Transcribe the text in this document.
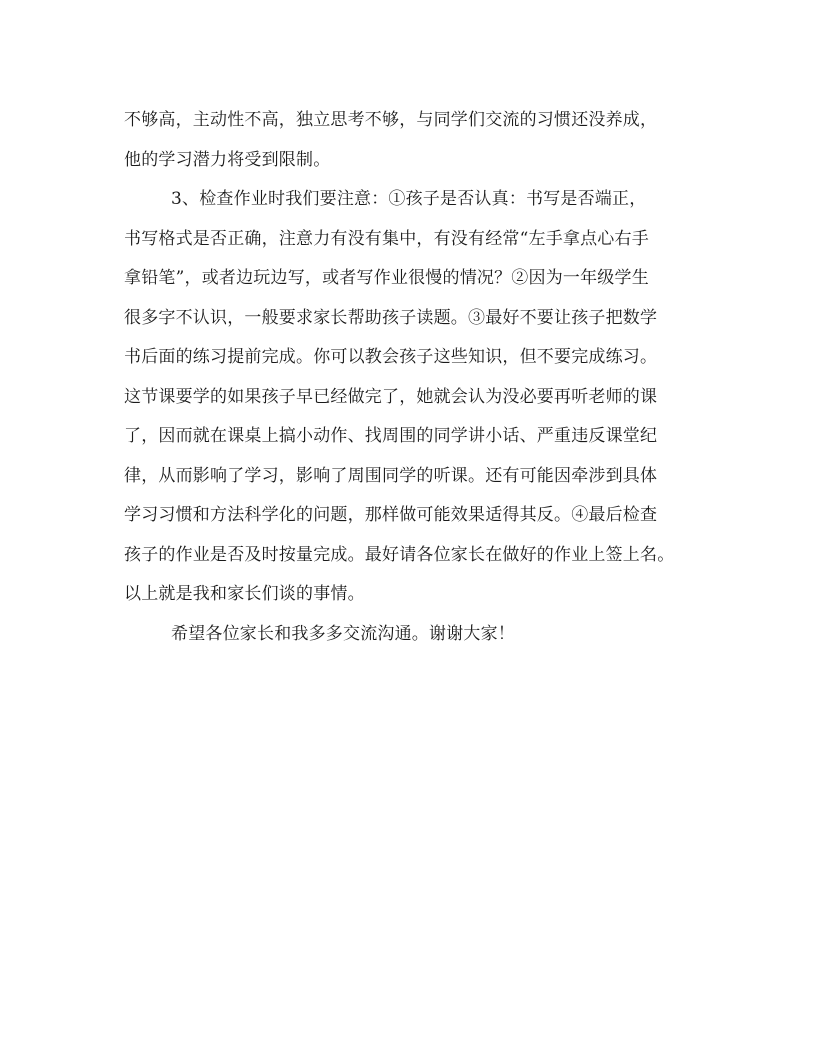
不够高，主动性不高，独立思考不够，与同学们交流的习惯还没养成，
他的学习潜力将受到限制。
3、检查作业时我们要注意：①孩子是否认真：书写是否端正，
书写格式是否正确，注意力有没有集中，有没有经常“左手拿点心右手
拿铅笔”，或者边玩边写，或者写作业很慢的情况？②因为一年级学生
很多字不认识，一般要求家长帮助孩子读题。③最好不要让孩子把数学
书后面的练习提前完成。你可以教会孩子这些知识，但不要完成练习。
这节课要学的如果孩子早已经做完了，她就会认为没必要再听老师的课
了，因而就在课桌上搞小动作、找周围的同学讲小话、严重违反课堂纪
律，从而影响了学习，影响了周围同学的听课。还有可能因牵涉到具体
学习习惯和方法科学化的问题，那样做可能效果适得其反。④最后检查
孩子的作业是否及时按量完成。最好请各位家长在做好的作业上签上名。
以上就是我和家长们谈的事情。
希望各位家长和我多多交流沟通。谢谢大家！
